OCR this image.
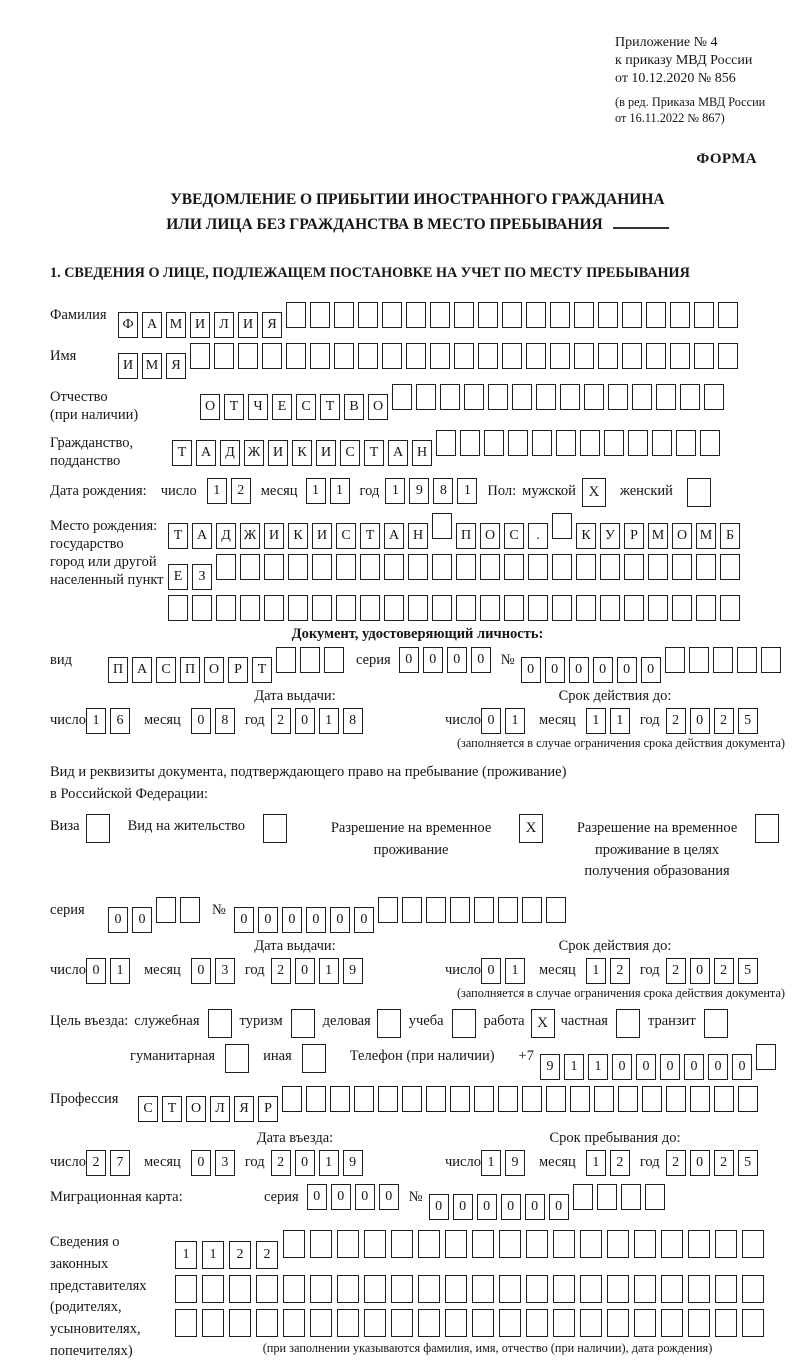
Приложение № 4
к приказу МВД России
от 10.12.2020 № 856
(в ред. Приказа МВД России
от 16.11.2022 № 867)
ФОРМА
УВЕДОМЛЕНИЕ О ПРИБЫТИИ ИНОСТРАННОГО ГРАЖДАНИНА
ИЛИ ЛИЦА БЕЗ ГРАЖДАНСТВА В МЕСТО ПРЕБЫВАНИЯ
1. СВЕДЕНИЯ О ЛИЦЕ, ПОДЛЕЖАЩЕМ ПОСТАНОВКЕ НА УЧЕТ ПО МЕСТУ ПРЕБЫВАНИЯ
Фамилия
Ф А М И Л И Я
Имя
И М Я
Отчество
(при наличии)
О Т Ч Е С Т В О
Гражданство,
подданство
Т А Д Ж И К И С Т А Н
Дата рождения: число	1 2	месяц	1 1	год 1 9 8 1	Пол: мужской X	женский
Место рождения:
государство
город или другой
населенный пункт
Т А Д Ж И К И С Т А Н	П О С .	К У Р М О М Б
Е З
Документ, удостоверяющий личность:
вид
П А С П О Р Т
серия	0 0 0 0	№
0 0 0 0 0 0
Дата выдачи:
число 1 6	месяц	0 8	год 2 0 1 8
Срок действия до:
число 0 1	месяц	1 1	год 2 0 2 5
(заполняется в случае ограничения срока действия документа)
Вид и реквизиты документа, подтверждающего право на пребывание (проживание)
в Российской Федерации:
Виза	Вид на жительство	Разрешение на временное проживание
X	Разрешение на временное проживание в целях получения образования
серия
0 0
№
0 0 0 0 0 0
Дата выдачи:
число 0 1	месяц	0 3	год 2 0 1 9
Срок действия до:
число 0 1	месяц	1 2	год 2 0 2 5
(заполняется в случае ограничения срока действия документа)
Цель въезда: служебная	туризм	деловая	учеба	работа X частная	транзит
гуманитарная	иная	Телефон (при наличии) +7
9 1 1 0 0 0 0 0 0
Профессия
С Т О Л Я Р
Дата въезда:
число 2 7	месяц	0 3	год 2 0 1 9
Срок пребывания до:
число 1 9	месяц	1 2	год 2 0 2 5
Миграционная карта:	серия	0 0 0 0	№
0 0 0 0 0 0
Сведения о законных представителях (родителях, усыновителях, попечителях)
1 1 2 2
(при заполнении указываются фамилия, имя, отчество (при наличии), дата рождения)
